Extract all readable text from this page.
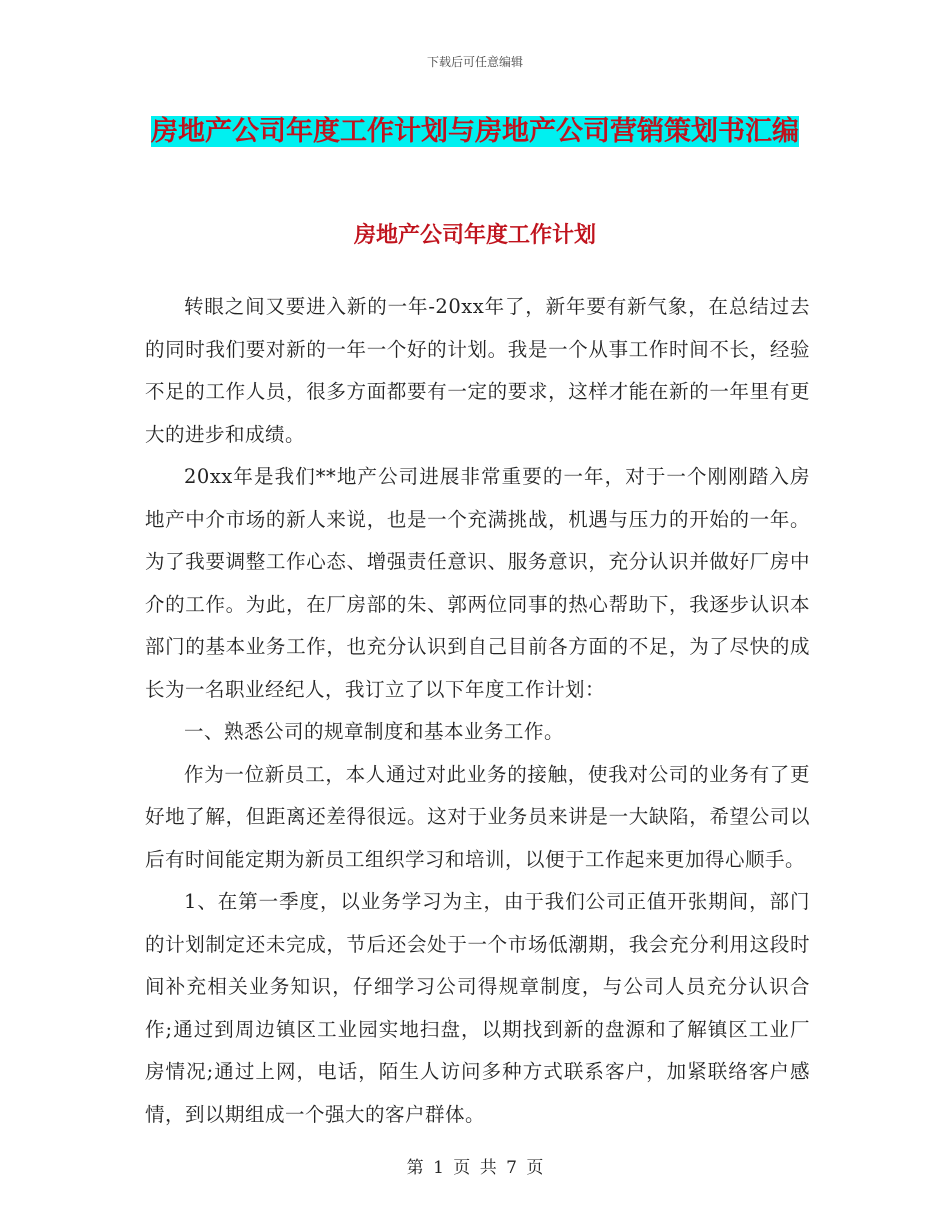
下载后可任意编辑
房地产公司年度工作计划与房地产公司营销策划书汇编
房地产公司年度工作计划

转眼之间又要进入新的一年-20xx年了，新年要有新气象，在总结过去的同时我们要对新的一年一个好的计划。我是一个从事工作时间不长，经验不足的工作人员，很多方面都要有一定的要求，这样才能在新的一年里有更大的进步和成绩。

20xx年是我们**地产公司进展非常重要的一年，对于一个刚刚踏入房地产中介市场的新人来说，也是一个充满挑战，机遇与压力的开始的一年。为了我要调整工作心态、增强责任意识、服务意识，充分认识并做好厂房中介的工作。为此，在厂房部的朱、郭两位同事的热心帮助下，我逐步认识本部门的基本业务工作，也充分认识到自己目前各方面的不足，为了尽快的成长为一名职业经纪人，我订立了以下年度工作计划：

一、熟悉公司的规章制度和基本业务工作。

作为一位新员工，本人通过对此业务的接触，使我对公司的业务有了更好地了解，但距离还差得很远。这对于业务员来讲是一大缺陷，希望公司以后有时间能定期为新员工组织学习和培训，以便于工作起来更加得心顺手。

1、在第一季度，以业务学习为主，由于我们公司正值开张期间，部门的计划制定还未完成，节后还会处于一个市场低潮期，我会充分利用这段时间补充相关业务知识，仔细学习公司得规章制度，与公司人员充分认识合作;通过到周边镇区工业园实地扫盘，以期找到新的盘源和了解镇区工业厂房情况;通过上网，电话，陌生人访问多种方式联系客户，加紧联络客户感情，到以期组成一个强大的客户群体。

第 1 页 共 7 页
